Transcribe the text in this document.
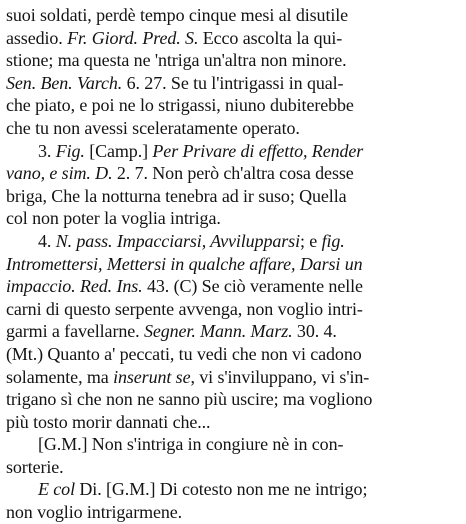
suoi soldati, perdè tempo cinque mesi al disutile
assedio. Fr. Giord. Pred. S. Ecco ascolta la qui-
stione; ma questa ne 'ntriga un'altra non minore.
Sen. Ben. Varch. 6. 27. Se tu l'intrigassi in qual-
che piato, e poi ne lo strigassi, niuno dubiterebbe
che tu non avessi sceleratamente operato.

3. Fig. [Camp.] Per Privare di effetto, Render
vano, e sim. D. 2. 7. Non però ch'altra cosa desse
briga, Che la notturna tenebra ad ir suso; Quella
col non poter la voglia intriga.

4. N. pass. Impacciarsi, Avvilupparsi; e fig.
Intromettersi, Mettersi in qualche affare, Darsi un
impaccio. Red. Ins. 43. (C) Se ciò veramente nelle
carni di questo serpente avvenga, non voglio intri-
garmi a favellarne. Segner. Mann. Marz. 30. 4.
(Mt.) Quanto a' peccati, tu vedi che non vi cadono
solamente, ma inserunt se, vi s'inviluppano, vi s'in-
trigano sì che non ne sanno più uscire; ma vogliono
più tosto morir dannati che...

[G.M.] Non s'intriga in congiure nè in con-
sorterie.

E col Di. [G.M.] Di cotesto non me ne intrigo;
non voglio intrigarmene.
